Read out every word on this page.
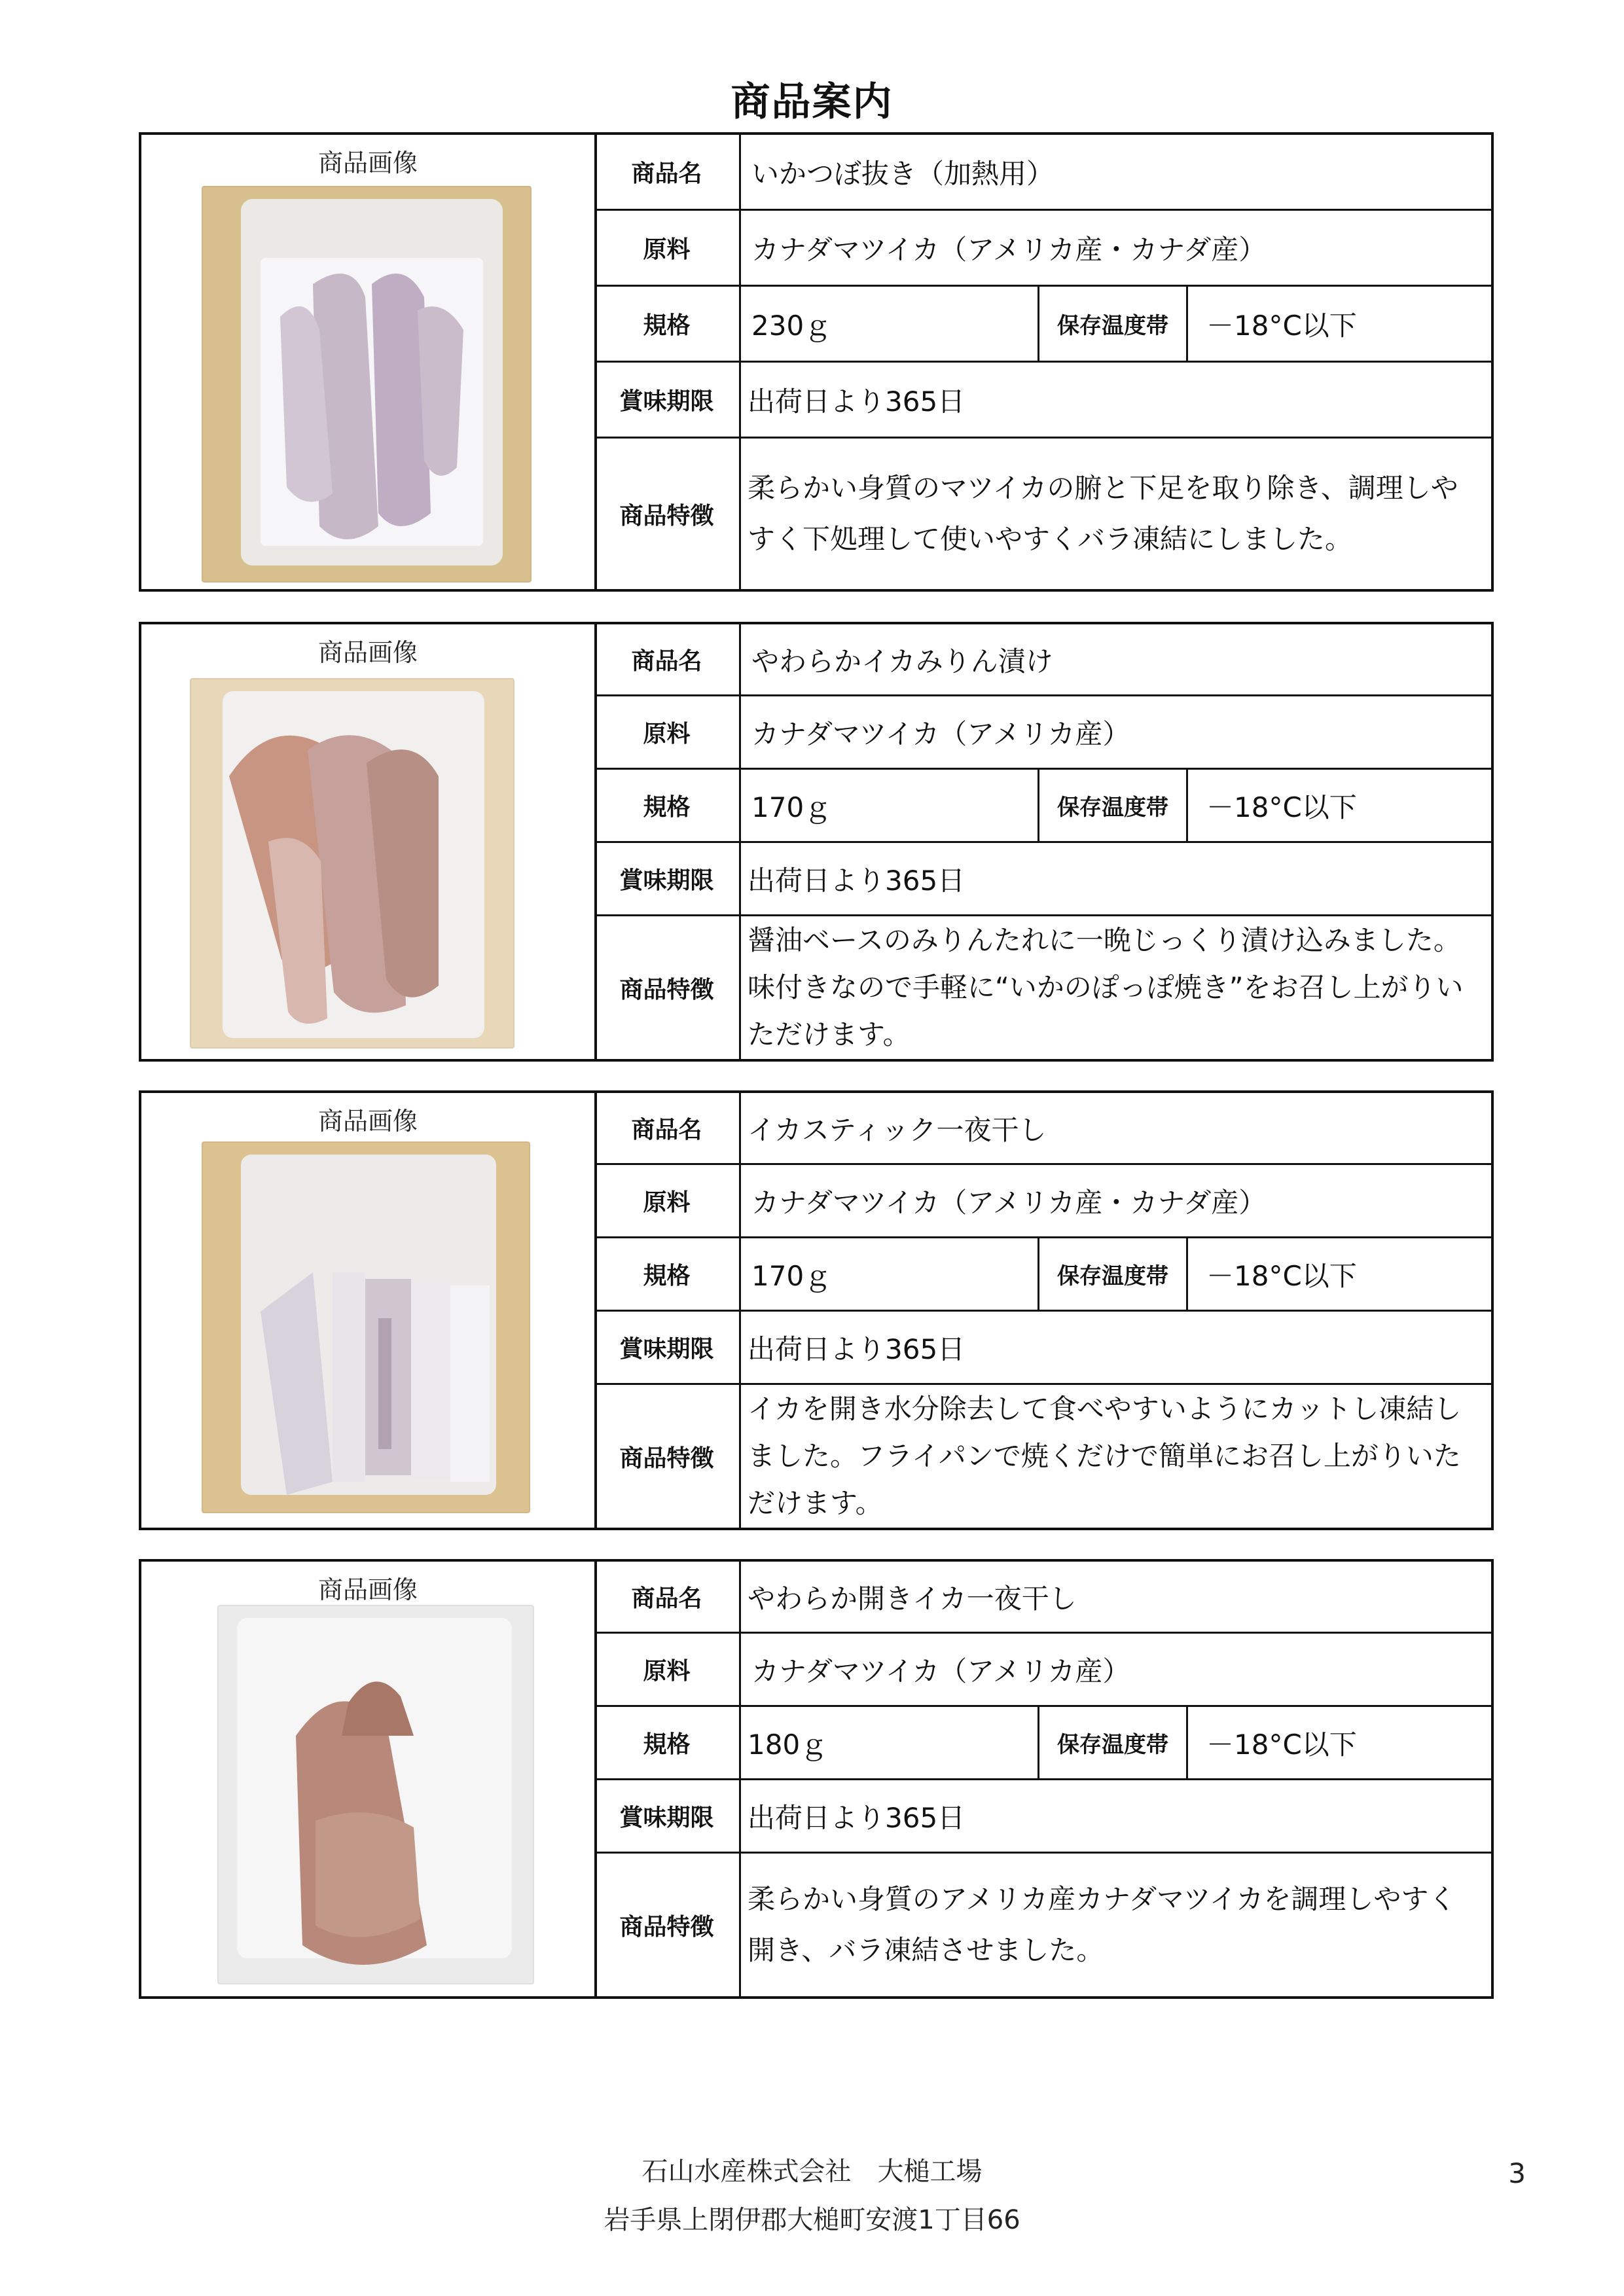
商品案内
商品画像	商品名	いかつぼ抜き（加熱用）
原料	カナダマツイカ（アメリカ産・カナダ産）
規格	230ｇ	保存温度帯	－18°C以下
賞味期限	出荷日より365日
商品特徴
柔らかい身質のマツイカの腑と下足を取り除き、調理しやすく下処理して使いやすくバラ凍結にしました。
商品画像	商品名	やわらかイカみりん漬け
原料	カナダマツイカ（アメリカ産）
規格	170ｇ	保存温度帯	－18°C以下
賞味期限	出荷日より365日
商品特徴
醤油ベースのみりんたれに一晩じっくり漬け込みました。味付きなので手軽に“いかのぽっぽ焼き”をお召し上がりいただけます。
商品画像	商品名	イカスティック一夜干し
原料	カナダマツイカ（アメリカ産・カナダ産）
規格	170ｇ	保存温度帯	－18°C以下
賞味期限	出荷日より365日
商品特徴
イカを開き水分除去して食べやすいようにカットし凍結しました。フライパンで焼くだけで簡単にお召し上がりいただけます。
商品画像	商品名	やわらか開きイカ一夜干し
原料	カナダマツイカ（アメリカ産）
規格	180ｇ	保存温度帯	－18°C以下
賞味期限	出荷日より365日
商品特徴
柔らかい身質のアメリカ産カナダマツイカを調理しやすく開き、バラ凍結させました。
石山水産株式会社　大槌工場
岩手県上閉伊郡大槌町安渡1丁目66
3
